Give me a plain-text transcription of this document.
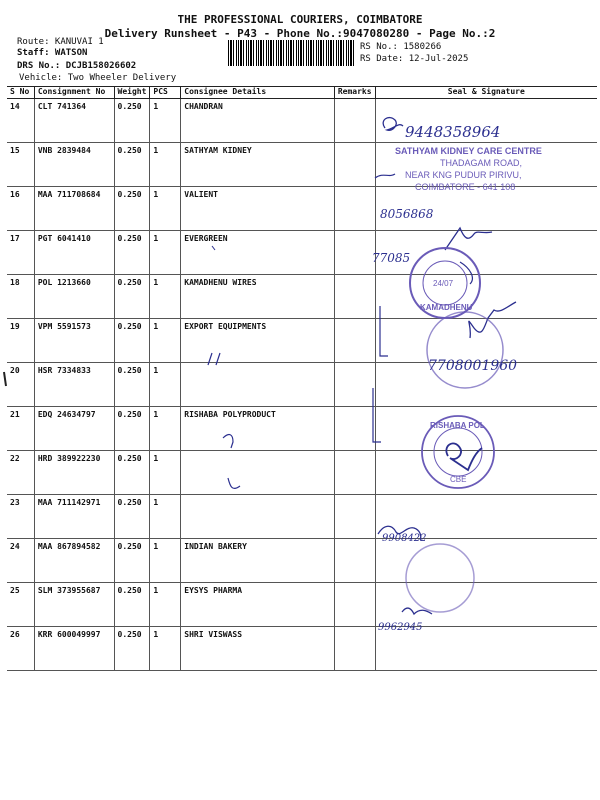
THE PROFESSIONAL COURIERS, COIMBATORE
Delivery Runsheet - P43 - Phone No.:9047080280 - Page No.:2
Route: KANUVAI 1
Staff: WATSON
DRS No.: DCJB158026602
Vehicle: Two Wheeler Delivery
RS No.: 1580266
RS Date: 12-Jul-2025
S No	Consignment No	Weight	PCS	Consignee Details	Remarks	Seal & Signature
14	CLT 741364	0.250	1	CHANDRAN		
15	VNB 2839484	0.250	1	SATHYAM KIDNEY		
16	MAA 711708684	0.250	1	VALIENT		
17	PGT 6041410	0.250	1	EVERGREEN		
18	POL 1213660	0.250	1	KAMADHENU WIRES		
19	VPM 5591573	0.250	1	EXPORT EQUIPMENTS		
20	HSR 7334833	0.250	1			
21	EDQ 24634797	0.250	1	RISHABA POLYPRODUCT		
22	HRD 389922230	0.250	1			
23	MAA 711142971	0.250	1			
24	MAA 867894582	0.250	1	INDIAN BAKERY		
25	SLM 373955687	0.250	1	EYSYS PHARMA		
26	KRR 600049997	0.250	1	SHRI VISWASS		
9448358964
SATHYAM KIDNEY CARE CENTRE
THADAGAM ROAD,
NEAR KNG PUDUR PIRIVU,
COIMBATORE - 641 108
8056868
77085
KAMADHENU
24/07
7708001960
RISHABA POL
CBE
9908422
9962945
